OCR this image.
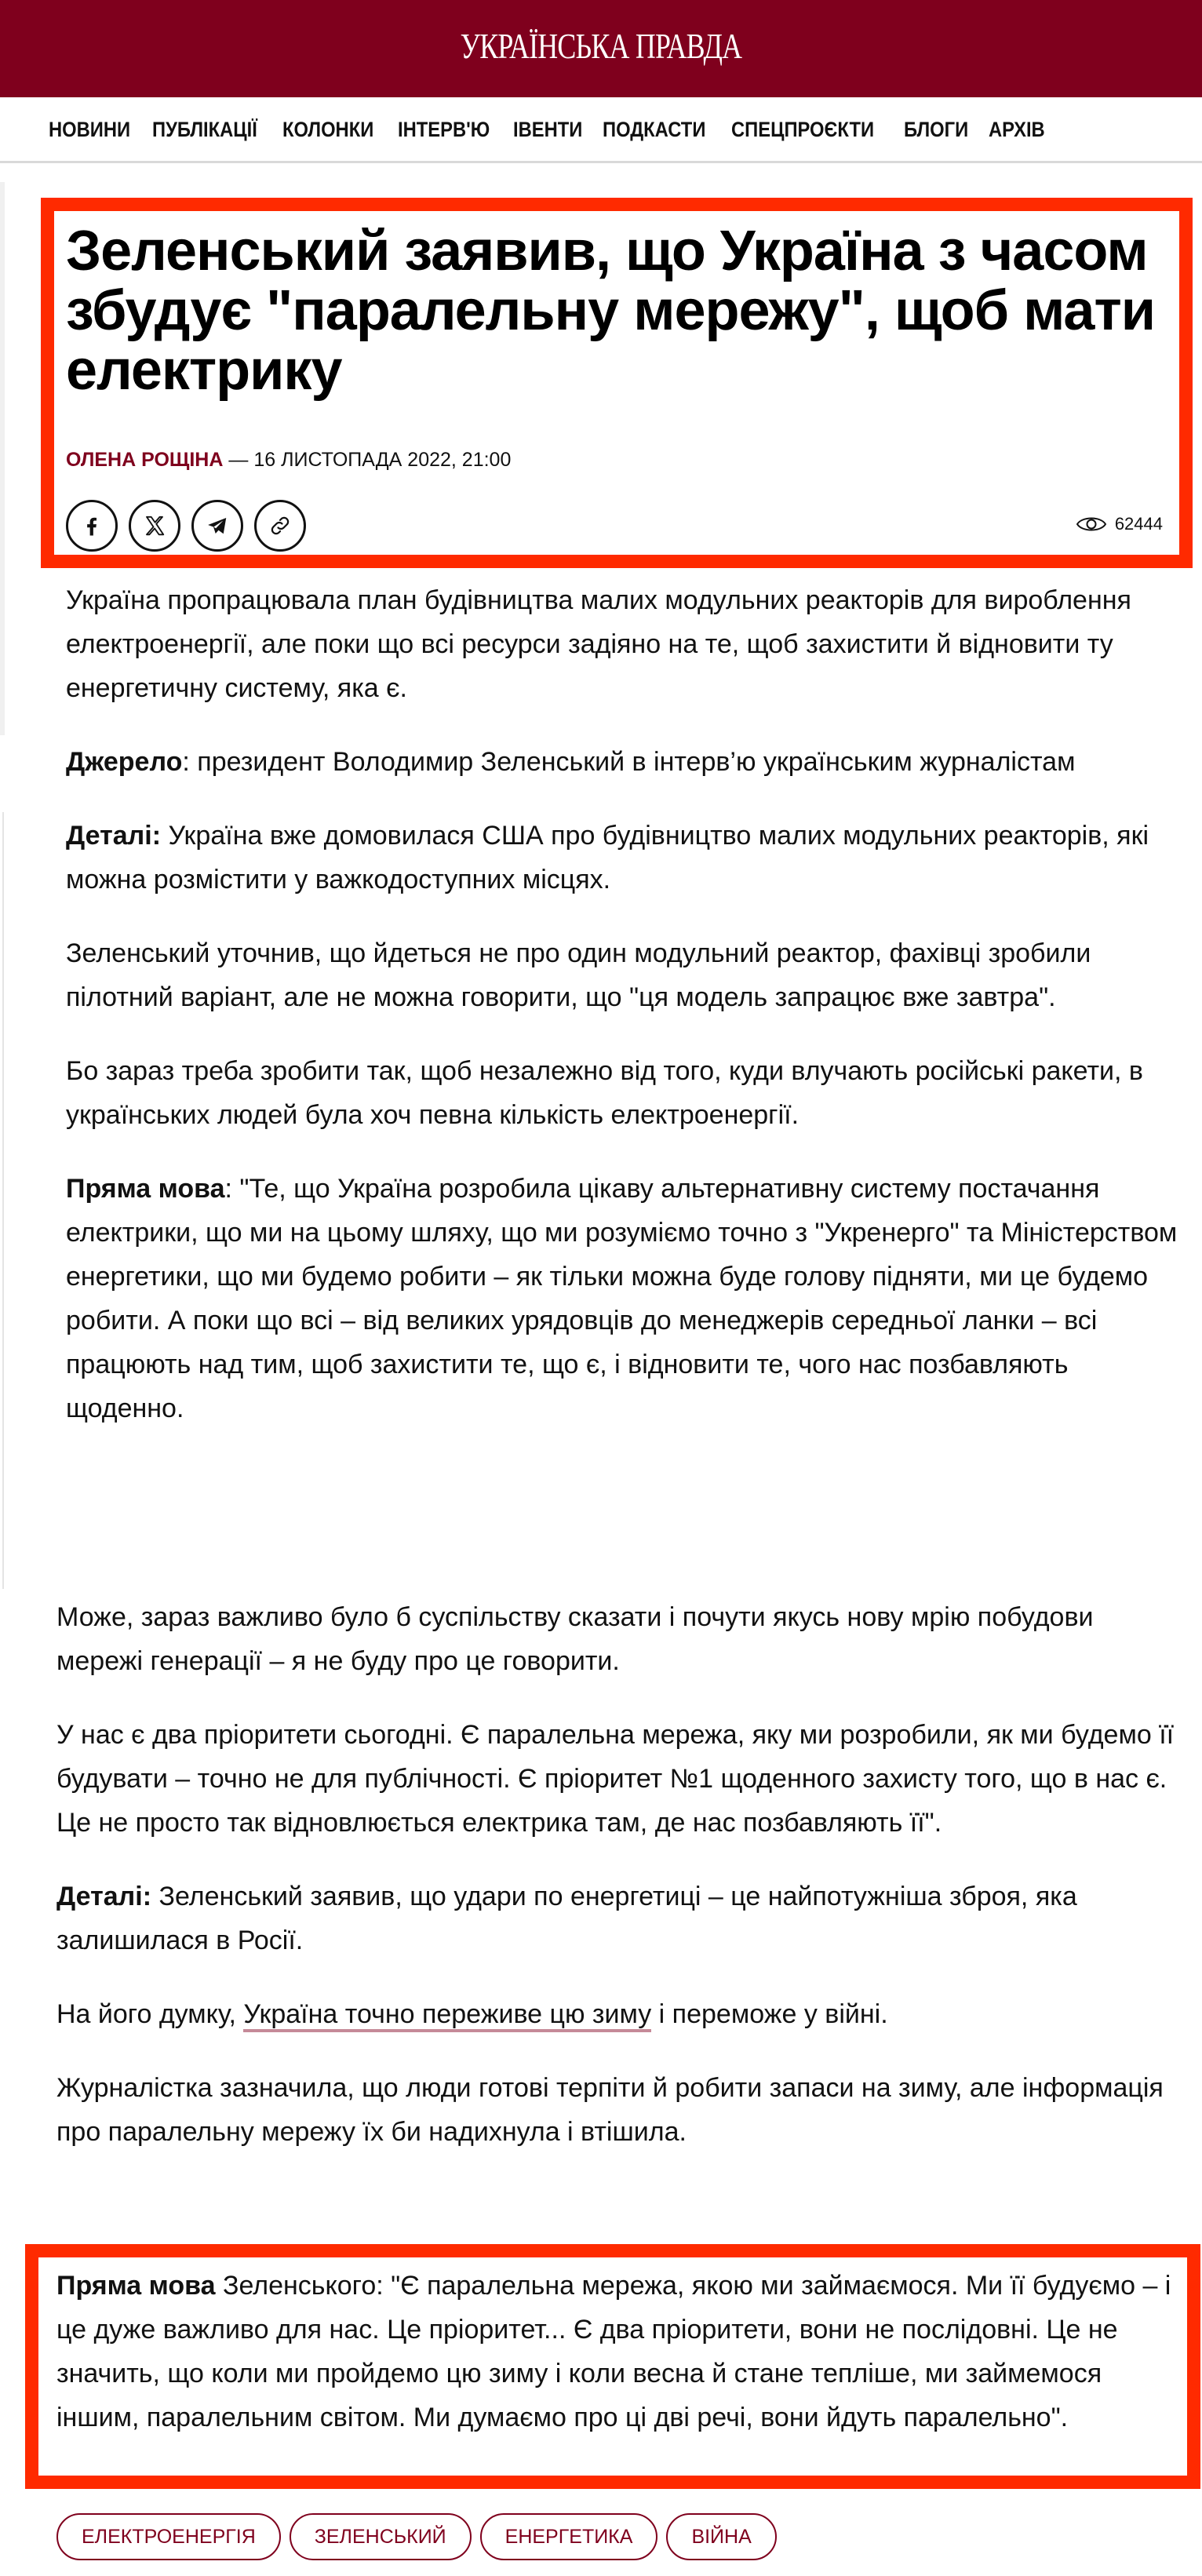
УКРАЇНСЬКА ПРАВДА
НОВИНИ ПУБЛІКАЦІЇ КОЛОНКИ ІНТЕРВ'Ю ІВЕНТИ ПОДКАСТИ СПЕЦПРОЄКТИ БЛОГИ АРХІВ
Зеленський заявив, що Україна з часом збудує "паралельну мережу", щоб мати електрику
ОЛЕНА РОЩІНА — 16 ЛИСТОПАДА 2022, 21:00
62444

Україна пропрацювала план будівництва малих модульних реакторів для вироблення електроенергії, але поки що всі ресурси задіяно на те, щоб захистити й відновити ту енергетичну систему, яка є.

Джерело: президент Володимир Зеленський в інтерв’ю українським журналістам

Деталі: Україна вже домовилася США про будівництво малих модульних реакторів, які можна розмістити у важкодоступних місцях.

Зеленський уточнив, що йдеться не про один модульний реактор, фахівці зробили пілотний варіант, але не можна говорити, що "ця модель запрацює вже завтра".

Бо зараз треба зробити так, щоб незалежно від того, куди влучають російські ракети, в українських людей була хоч певна кількість електроенергії.

Пряма мова: "Те, що Україна розробила цікаву альтернативну систему постачання електрики, що ми на цьому шляху, що ми розуміємо точно з "Укренерго" та Міністерством енергетики, що ми будемо робити – як тільки можна буде голову підняти, ми це будемо робити. А поки що всі – від великих урядовців до менеджерів середньої ланки – всі працюють над тим, щоб захистити те, що є, і відновити те, чого нас позбавляють щоденно.

Може, зараз важливо було б суспільству сказати і почути якусь нову мрію побудови мережі генерації – я не буду про це говорити.

У нас є два пріоритети сьогодні. Є паралельна мережа, яку ми розробили, як ми будемо її будувати – точно не для публічності. Є пріоритет №1 щоденного захисту того, що в нас є. Це не просто так відновлюється електрика там, де нас позбавляють її".

Деталі: Зеленський заявив, що удари по енергетиці – це найпотужніша зброя, яка залишилася в Росії.

На його думку, Україна точно переживе цю зиму і переможе у війні.

Журналістка зазначила, що люди готові терпіти й робити запаси на зиму, але інформація про паралельну мережу їх би надихнула і втішила.

Пряма мова Зеленського: "Є паралельна мережа, якою ми займаємося. Ми її будуємо – і це дуже важливо для нас. Це пріоритет... Є два пріоритети, вони не послідовні. Це не значить, що коли ми пройдемо цю зиму і коли весна й стане тепліше, ми займемося іншим, паралельним світом. Ми думаємо про ці дві речі, вони йдуть паралельно".

ЕЛЕКТРОЕНЕРГІЯ	ЗЕЛЕНСЬКИЙ	ЕНЕРГЕТИКА	ВІЙНА
